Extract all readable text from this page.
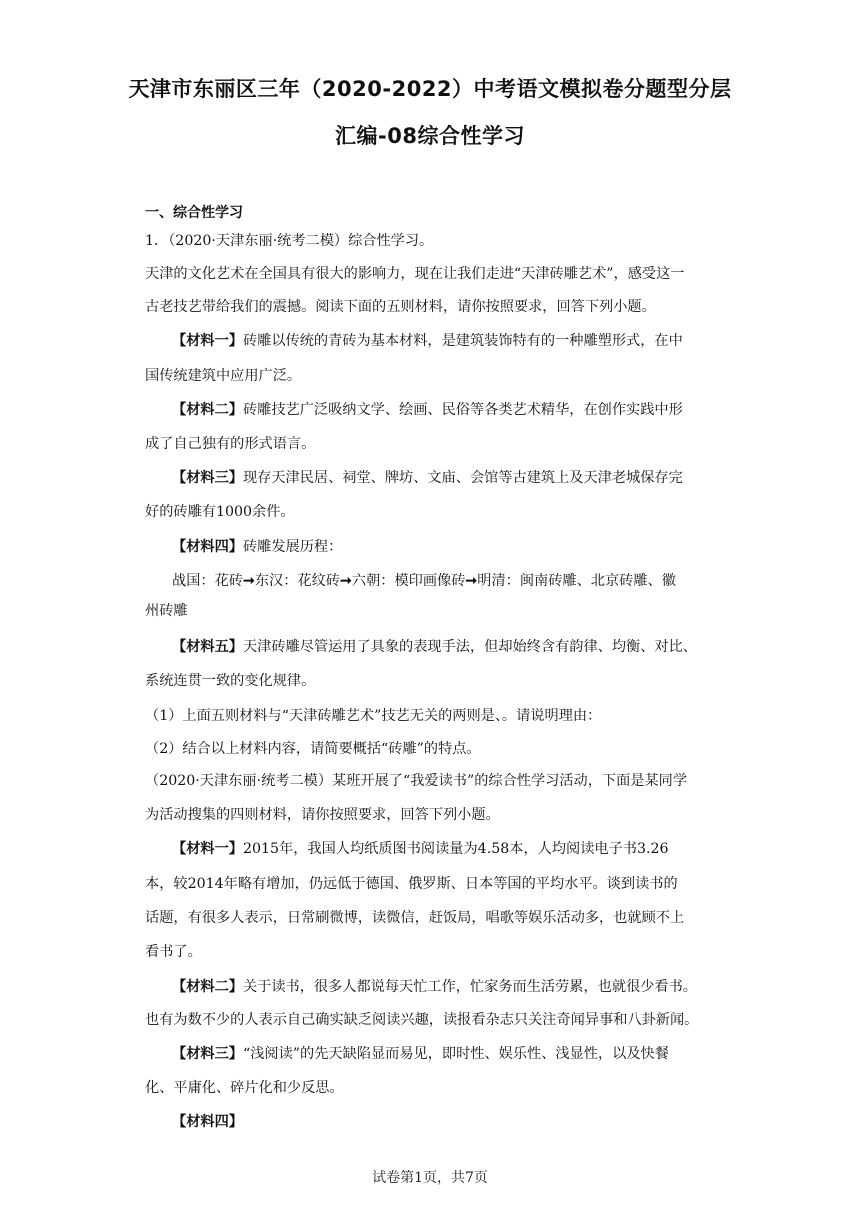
天津市东丽区三年（2020-2022）中考语文模拟卷分题型分层
汇编-08综合性学习
一、综合性学习
1．（2020·天津东丽·统考二模）综合性学习。
天津的文化艺术在全国具有很大的影响力，现在让我们走进“天津砖雕艺术”，感受这一
古老技艺带给我们的震撼。阅读下面的五则材料，请你按照要求，回答下列小题。
【材料一】砖雕以传统的青砖为基本材料，是建筑装饰特有的一种雕塑形式，在中
国传统建筑中应用广泛。
【材料二】砖雕技艺广泛吸纳文学、绘画、民俗等各类艺术精华，在创作实践中形
成了自己独有的形式语言。
【材料三】现存天津民居、祠堂、牌坊、文庙、会馆等古建筑上及天津老城保存完
好的砖雕有1000余件。
【材料四】砖雕发展历程：
战国：花砖➞东汉：花纹砖➞六朝：模印画像砖➞明清：闽南砖雕、北京砖雕、徽
州砖雕
【材料五】天津砖雕尽管运用了具象的表现手法，但却始终含有韵律、均衡、对比、
系统连贯一致的变化规律。
（1）上面五则材料与“天津砖雕艺术”技艺无关的两则是、。请说明理由：
（2）结合以上材料内容，请简要概括“砖雕”的特点。
（2020·天津东丽·统考二模）某班开展了“我爱读书”的综合性学习活动，下面是某同学
为活动搜集的四则材料，请你按照要求，回答下列小题。
【材料一】2015年，我国人均纸质图书阅读量为4.58本，人均阅读电子书3.26
本，较2014年略有增加，仍远低于德国、俄罗斯、日本等国的平均水平。谈到读书的
话题，有很多人表示，日常刷微博，读微信，赶饭局，唱歌等娱乐活动多，也就顾不上
看书了。
【材料二】关于读书，很多人都说每天忙工作，忙家务而生活劳累，也就很少看书。
也有为数不少的人表示自己确实缺乏阅读兴趣，读报看杂志只关注奇闻异事和八卦新闻。
【材料三】“浅阅读”的先天缺陷显而易见，即时性、娱乐性、浅显性，以及快餐
化、平庸化、碎片化和少反思。
【材料四】
试卷第1页，共7页
